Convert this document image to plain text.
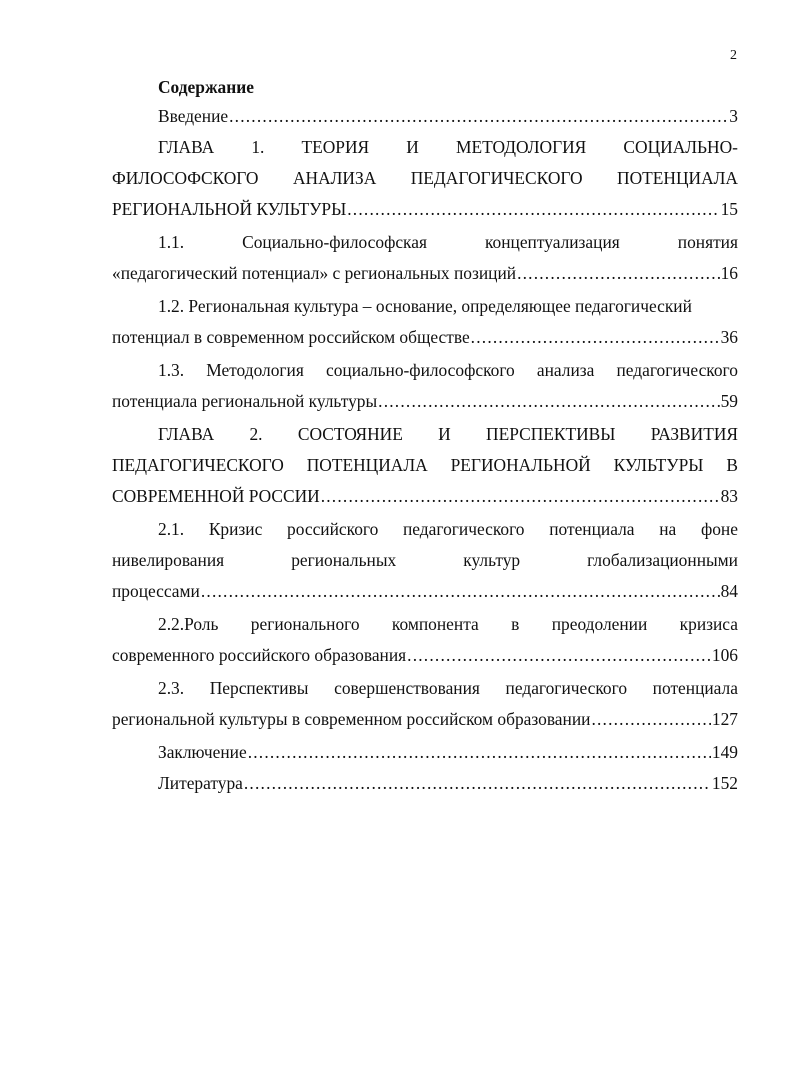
2
Содержание
Введение .....	3
ГЛАВА 1. ТЕОРИЯ И МЕТОДОЛОГИЯ СОЦИАЛЬНО-
ФИЛОСОФСКОГО АНАЛИЗА ПЕДАГОГИЧЕСКОГО ПОТЕНЦИАЛА
РЕГИОНАЛЬНОЙ КУЛЬТУРЫ .....	15
1.1.	Социально-философская	концептуализация	понятия
«педагогический потенциал» с региональных позиций .....	16
1.2. Региональная культура – основание, определяющее педагогический
потенциал в современном российском обществе .....	36
1.3. Методология социально-философского анализа педагогического
потенциала региональной культуры .....	59
ГЛАВА 2. СОСТОЯНИЕ И ПЕРСПЕКТИВЫ РАЗВИТИЯ
ПЕДАГОГИЧЕСКОГО ПОТЕНЦИАЛА РЕГИОНАЛЬНОЙ КУЛЬТУРЫ В
СОВРЕМЕННОЙ РОССИИ .....	83
2.1. Кризис российского педагогического потенциала на фоне
нивелирования	региональных	культур	глобализационными
процессами .....	84
2.2.Роль регионального компонента в преодолении кризиса
современного российского образования .....	106
2.3. Перспективы совершенствования педагогического потенциала
региональной культуры в современном российском образовании .....	127
Заключение .....	149
Литература .....	152
